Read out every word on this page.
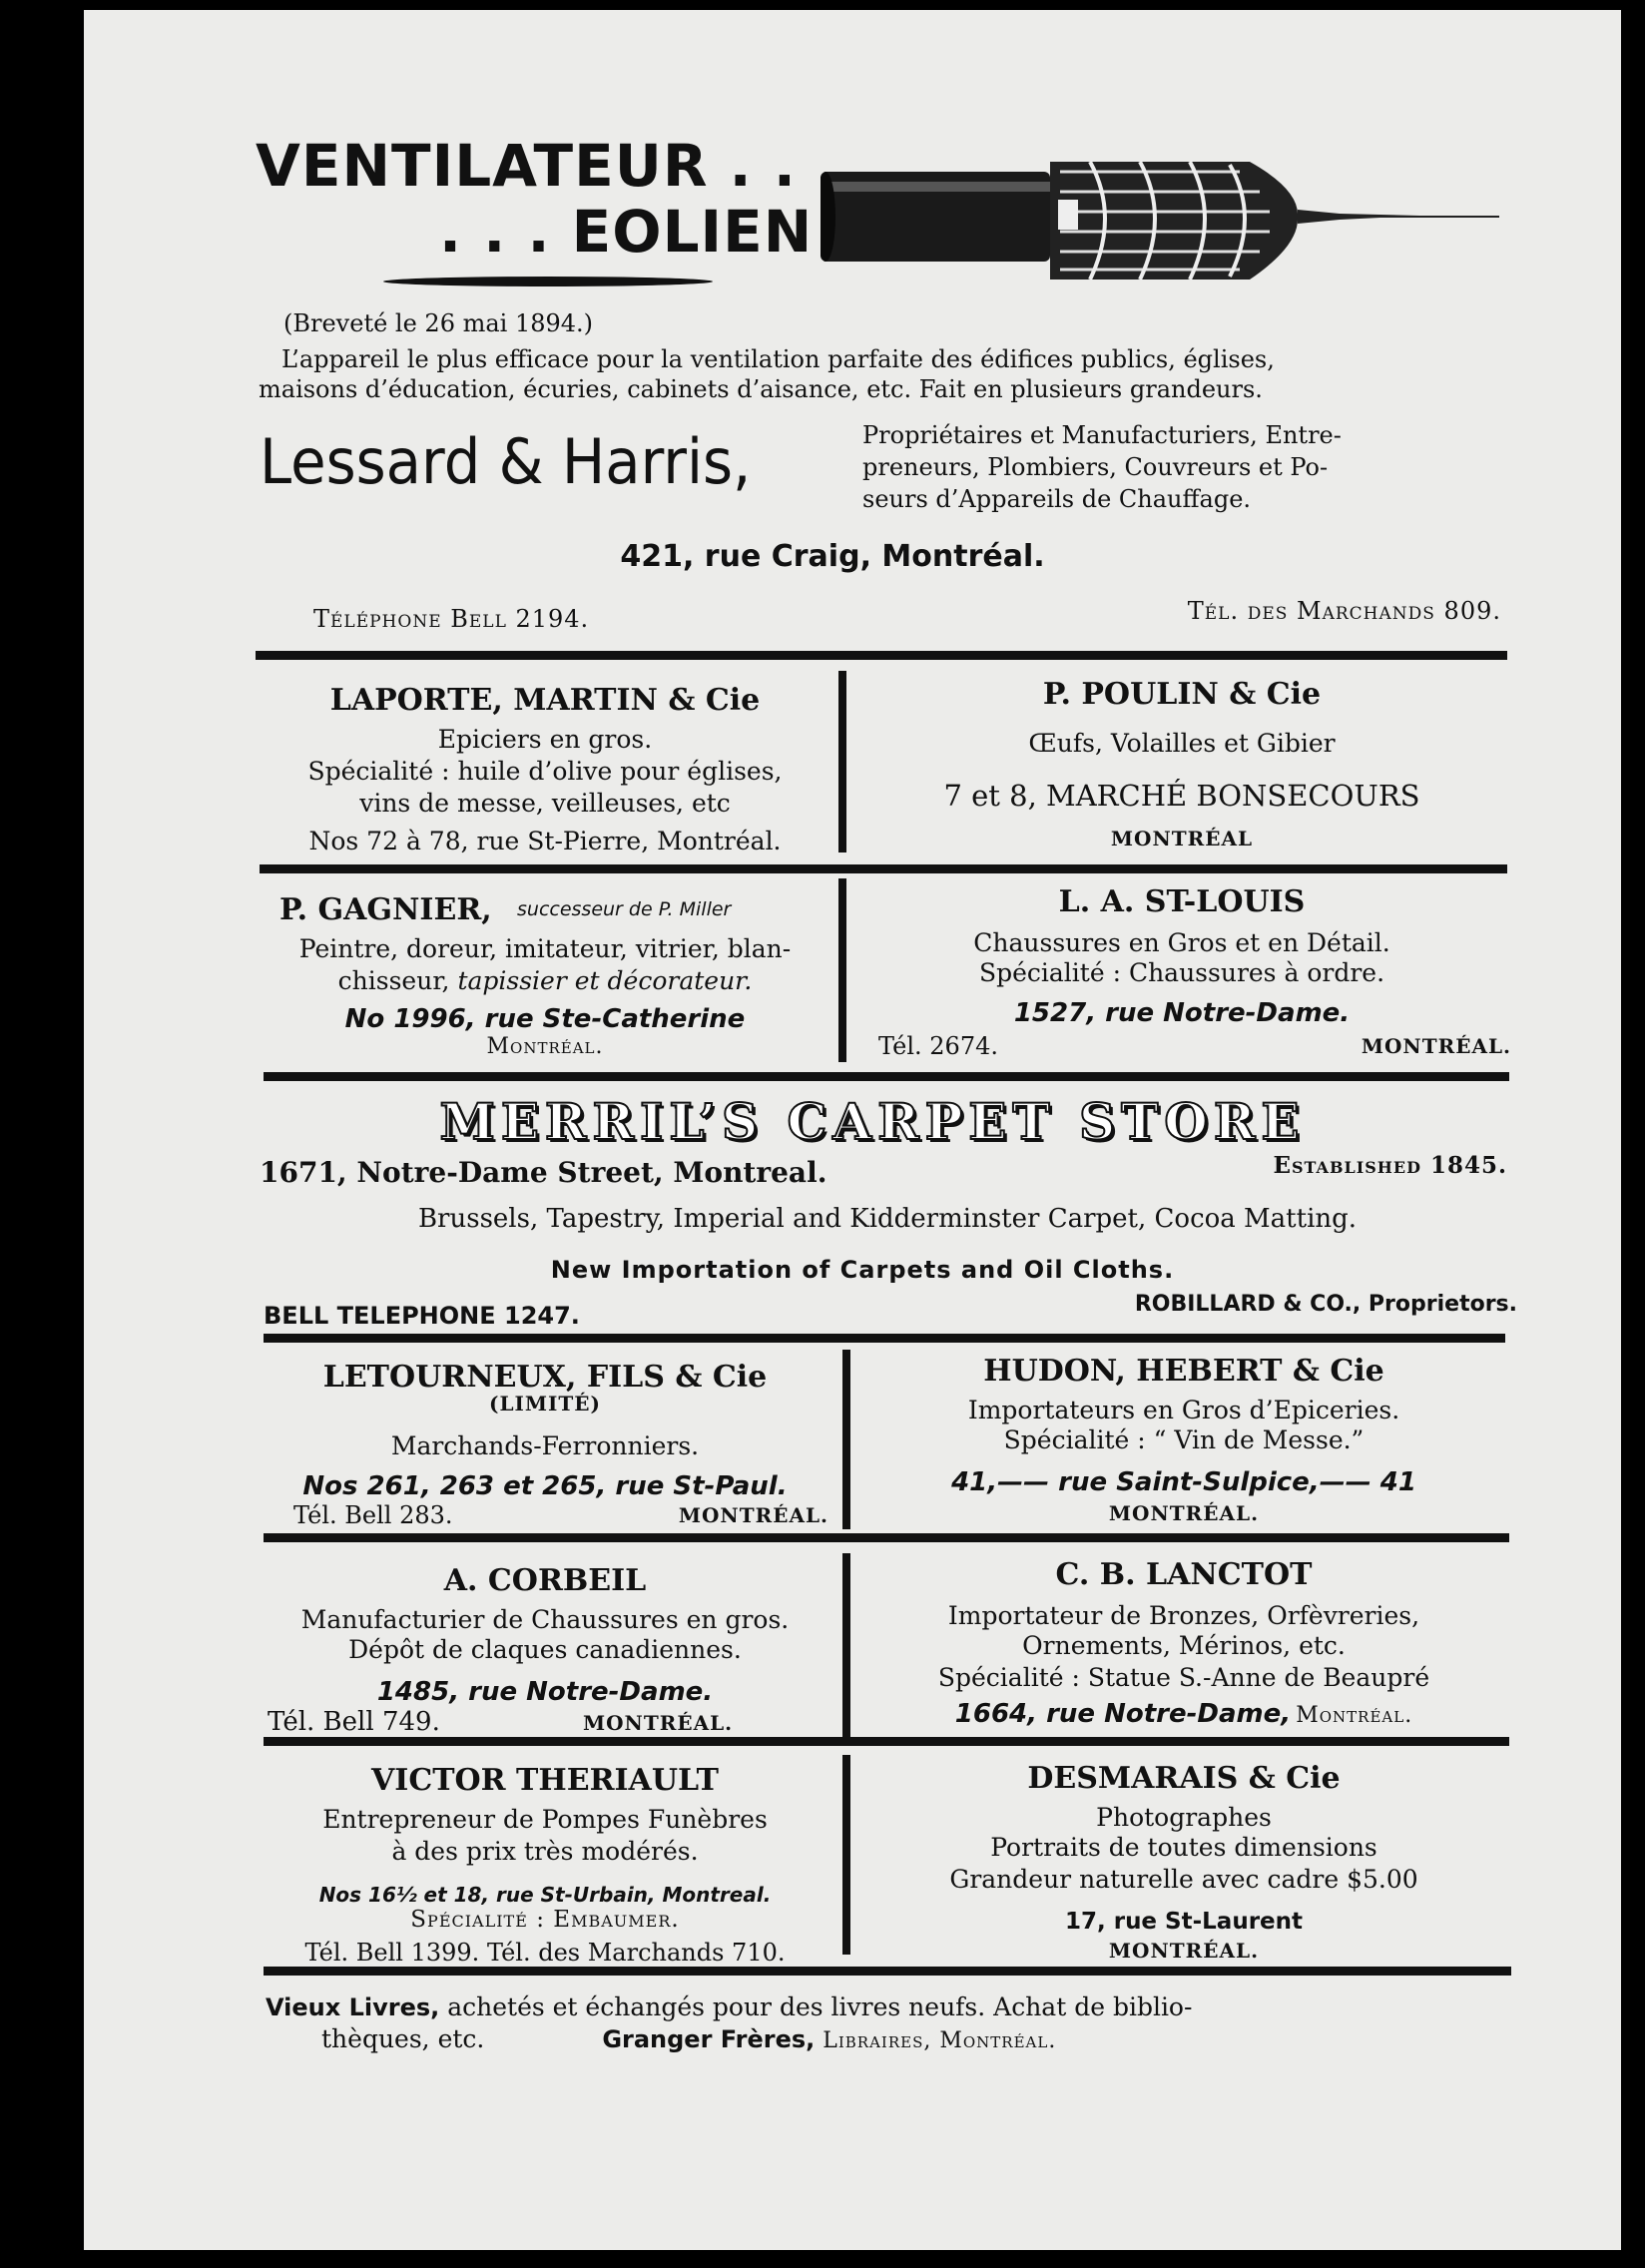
VENTILATEUR . .
. . . EOLIEN
(Breveté le 26 mai 1894.)
L’appareil le plus efficace pour la ventilation parfaite des édifices publics, églises,
maisons d’éducation, écuries, cabinets d’aisance, etc. Fait en plusieurs grandeurs.
Lessard & Harris,	Propriétaires et Manufacturiers, Entre-
preneurs, Plombiers, Couvreurs et Po-
seurs d’Appareils de Chauffage.
421, rue Craig, Montréal.
Téléphone Bell 2194.	Tél. des Marchands 809.
LAPORTE, MARTIN & Cie
Epiciers en gros.
Spécialité : huile d’olive pour églises,
vins de messe, veilleuses, etc
Nos 72 à 78, rue St-Pierre, Montréal.
P. POULIN & Cie
Œufs, Volailles et Gibier
7 et 8, MARCHÉ BONSECOURS
MONTRÉAL
P. GAGNIER, successeur de P. Miller
Peintre, doreur, imitateur, vitrier, blan-
chisseur, tapissier et décorateur.
No 1996, rue Ste-Catherine
Montréal.
L. A. ST-LOUIS
Chaussures en Gros et en Détail.
Spécialité : Chaussures à ordre.
1527, rue Notre-Dame.
Tél. 2674.	MONTRÉAL.
MERRIL’S CARPET STORE
1671, Notre-Dame Street, Montreal.	Established 1845.
Brussels, Tapestry, Imperial and Kidderminster Carpet, Cocoa Matting.
New Importation of Carpets and Oil Cloths.
BELL TELEPHONE 1247.	ROBILLARD & CO., Proprietors.
LETOURNEUX, FILS & Cie
(LIMITÉ)
Marchands-Ferronniers.
Nos 261, 263 et 265, rue St-Paul.
Tél. Bell 283.	MONTRÉAL.
HUDON, HEBERT & Cie
Importateurs en Gros d’Epiceries.
Spécialité : “ Vin de Messe.”
41,—— rue Saint-Sulpice,—— 41
MONTRÉAL.
A. CORBEIL
Manufacturier de Chaussures en gros.
Dépôt de claques canadiennes.
1485, rue Notre-Dame.
Tél. Bell 749.	MONTRÉAL.
C. B. LANCTOT
Importateur de Bronzes, Orfèvreries,
Ornements, Mérinos, etc.
Spécialité : Statue S.-Anne de Beaupré
1664, rue Notre-Dame, Montréal.
VICTOR THERIAULT
Entrepreneur de Pompes Funèbres
à des prix très modérés.
Nos 16½ et 18, rue St-Urbain, Montreal.
Spécialité : Embaumer.
Tél. Bell 1399. Tél. des Marchands 710.
DESMARAIS & Cie
Photographes
Portraits de toutes dimensions
Grandeur naturelle avec cadre $5.00
17, rue St-Laurent
MONTRÉAL.
Vieux Livres, achetés et échangés pour des livres neufs. Achat de biblio-
thèques, etc.	Granger Frères, Libraires, Montréal.
